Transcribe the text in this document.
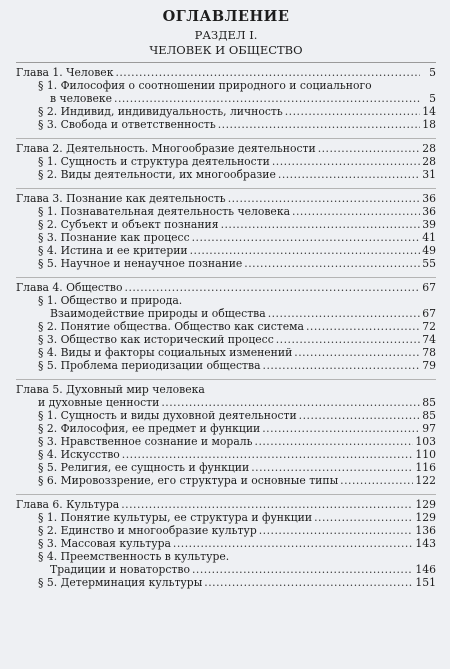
ОГЛАВЛЕНИЕ
РАЗДЕЛ I.
ЧЕЛОВЕК И ОБЩЕСТВО
Глава 1. Человек .....	5
§ 1. Философия о соотношении природного и социального
в человеке .....	5
§ 2. Индивид, индивидуальность, личность .....	14
§ 3. Свобода и ответственность .....	18
Глава 2. Деятельность. Многообразие деятельности .....	28
§ 1. Сущность и структура деятельности .....	28
§ 2. Виды деятельности, их многообразие .....	31
Глава 3. Познание как деятельность .....	36
§ 1. Познавательная деятельность человека .....	36
§ 2. Субъект и объект познания .....	39
§ 3. Познание как процесс .....	41
§ 4. Истина и ее критерии .....	49
§ 5. Научное и ненаучное познание .....	55
Глава 4. Общество .....	67
§ 1. Общество и природа.
Взаимодействие природы и общества .....	67
§ 2. Понятие общества. Общество как система .....	72
§ 3. Общество как исторический процесс .....	74
§ 4. Виды и факторы социальных изменений .....	78
§ 5. Проблема периодизации общества .....	79
Глава 5. Духовный мир человека
и духовные ценности .....	85
§ 1. Сущность и виды духовной деятельности .....	85
§ 2. Философия, ее предмет и функции .....	97
§ 3. Нравственное сознание и мораль .....	103
§ 4. Искусство .....	110
§ 5. Религия, ее сущность и функции .....	116
§ 6. Мировоззрение, его структура и основные типы .....	122
Глава 6. Культура .....	129
§ 1. Понятие культуры, ее структура и функции .....	129
§ 2. Единство и многообразие культур .....	136
§ 3. Массовая культура .....	143
§ 4. Преемственность в культуре.
Традиции и новаторство .....	146
§ 5. Детерминация культуры .....	151
